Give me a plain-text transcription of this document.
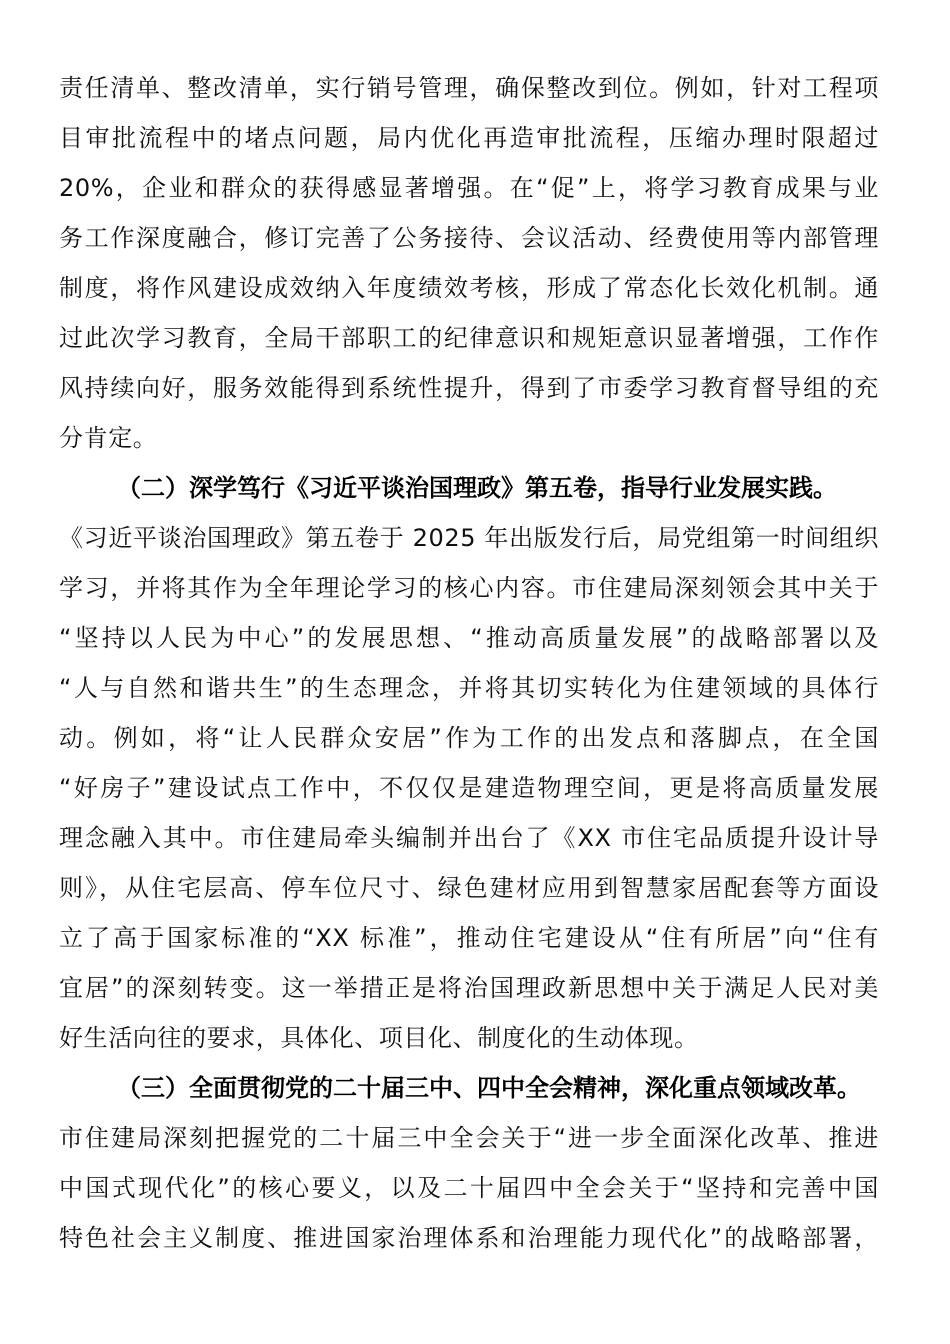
责任清单、整改清单，实行销号管理，确保整改到位。例如，针对工程项
目审批流程中的堵点问题，局内优化再造审批流程，压缩办理时限超过
20%，企业和群众的获得感显著增强。在“促”上，将学习教育成果与业
务工作深度融合，修订完善了公务接待、会议活动、经费使用等内部管理
制度，将作风建设成效纳入年度绩效考核，形成了常态化长效化机制。通
过此次学习教育，全局干部职工的纪律意识和规矩意识显著增强，工作作
风持续向好，服务效能得到系统性提升，得到了市委学习教育督导组的充
分肯定。
（二）深学笃行《习近平谈治国理政》第五卷，指导行业发展实践。
《习近平谈治国理政》第五卷于 2025 年出版发行后，局党组第一时间组织
学习，并将其作为全年理论学习的核心内容。市住建局深刻领会其中关于
“坚持以人民为中心”的发展思想、“推动高质量发展”的战略部署以及
“人与自然和谐共生”的生态理念，并将其切实转化为住建领域的具体行
动。例如，将“让人民群众安居”作为工作的出发点和落脚点，在全国
“好房子”建设试点工作中，不仅仅是建造物理空间，更是将高质量发展
理念融入其中。市住建局牵头编制并出台了《XX 市住宅品质提升设计导
则》，从住宅层高、停车位尺寸、绿色建材应用到智慧家居配套等方面设
立了高于国家标准的“XX 标准”，推动住宅建设从“住有所居”向“住有
宜居”的深刻转变。这一举措正是将治国理政新思想中关于满足人民对美
好生活向往的要求，具体化、项目化、制度化的生动体现。
（三）全面贯彻党的二十届三中、四中全会精神，深化重点领域改革。
市住建局深刻把握党的二十届三中全会关于“进一步全面深化改革、推进
中国式现代化”的核心要义，以及二十届四中全会关于“坚持和完善中国
特色社会主义制度、推进国家治理体系和治理能力现代化”的战略部署，
